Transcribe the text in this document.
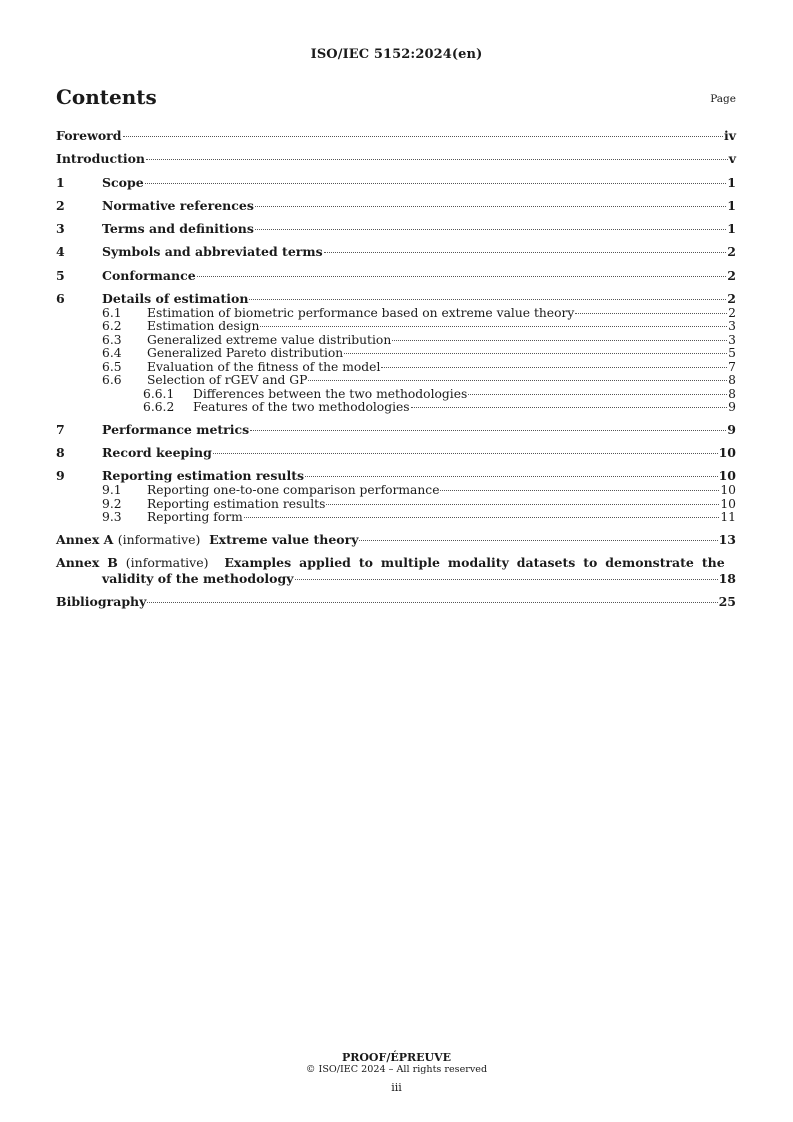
ISO/IEC 5152:2024(en)
Contents	Page
Foreword	iv
Introduction	v
1	Scope	1
2	Normative references	1
3	Terms and definitions	1
4	Symbols and abbreviated terms	2
5	Conformance	2
6	Details of estimation	2
6.1	Estimation of biometric performance based on extreme value theory	2
6.2	Estimation design	3
6.3	Generalized extreme value distribution	3
6.4	Generalized Pareto distribution	5
6.5	Evaluation of the fitness of the model	7
6.6	Selection of rGEV and GP	8
6.6.1	Differences between the two methodologies	8
6.6.2	Features of the two methodologies	9
7	Performance metrics	9
8	Record keeping	10
9	Reporting estimation results	10
9.1	Reporting one-to-one comparison performance	10
9.2	Reporting estimation results	10
9.3	Reporting form	11
Annex A (informative) Extreme value theory	13
Annex B (informative) Examples applied to multiple modality datasets to demonstrate the
validity of the methodology	18
Bibliography	25
PROOF/ÉPREUVE
© ISO/IEC 2024 – All rights reserved
iii
